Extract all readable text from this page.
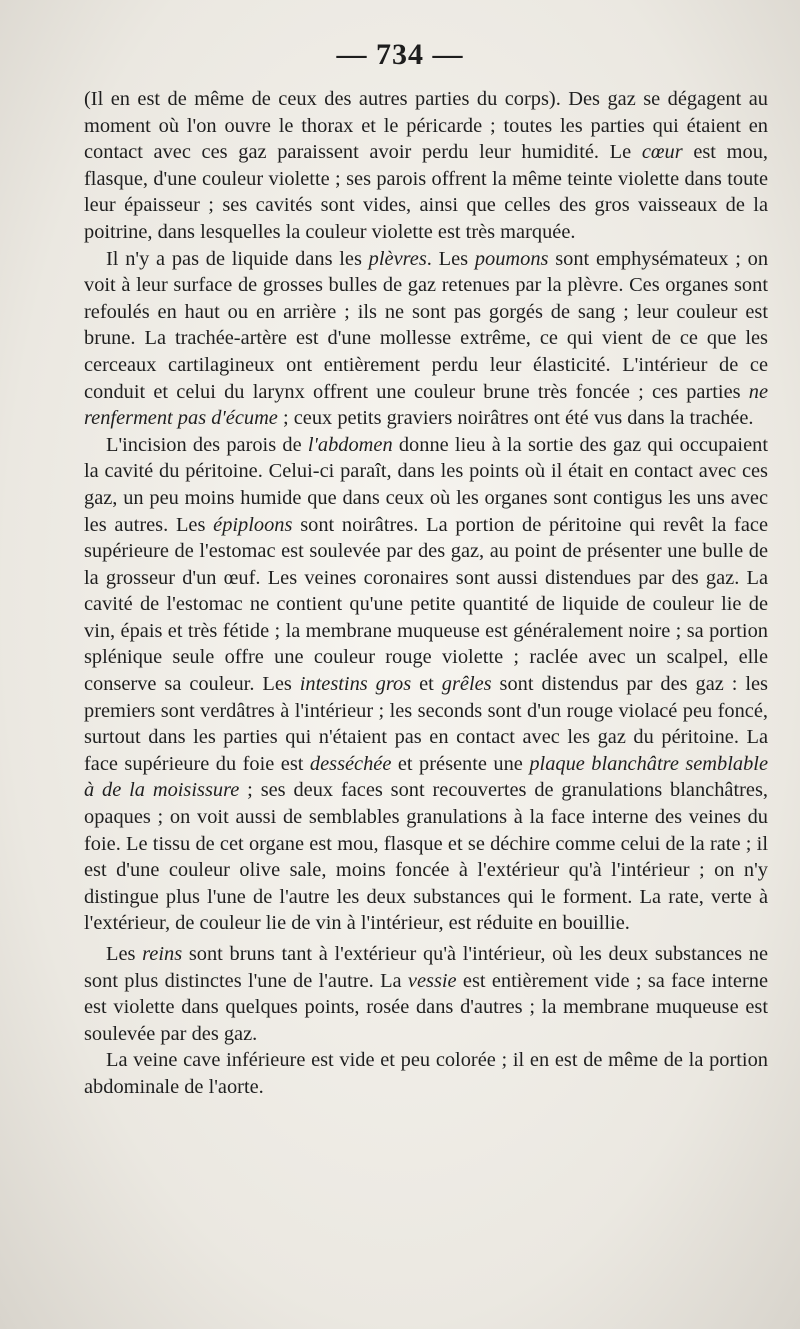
— 734 —

(Il en est de même de ceux des autres parties du corps). Des gaz se dégagent au moment où l'on ouvre le thorax et le péricarde ; toutes les parties qui étaient en contact avec ces gaz paraissent avoir perdu leur humidité. Le cœur est mou, flasque, d'une couleur violette ; ses parois offrent la même teinte violette dans toute leur épaisseur ; ses cavités sont vides, ainsi que celles des gros vaisseaux de la poitrine, dans lesquelles la couleur violette est très marquée.

Il n'y a pas de liquide dans les plèvres. Les poumons sont emphysémateux ; on voit à leur surface de grosses bulles de gaz retenues par la plèvre. Ces organes sont refoulés en haut ou en arrière ; ils ne sont pas gorgés de sang ; leur couleur est brune. La trachée-artère est d'une mollesse extrême, ce qui vient de ce que les cerceaux cartilagineux ont entièrement perdu leur élasticité. L'intérieur de ce conduit et celui du larynx offrent une couleur brune très foncée ; ces parties ne renferment pas d'écume ; ceux petits graviers noirâtres ont été vus dans la trachée.

L'incision des parois de l'abdomen donne lieu à la sortie des gaz qui occupaient la cavité du péritoine. Celui-ci paraît, dans les points où il était en contact avec ces gaz, un peu moins humide que dans ceux où les organes sont contigus les uns avec les autres. Les épiploons sont noirâtres. La portion de péritoine qui revêt la face supérieure de l'estomac est soulevée par des gaz, au point de présenter une bulle de la grosseur d'un œuf. Les veines coronaires sont aussi distendues par des gaz. La cavité de l'estomac ne contient qu'une petite quantité de liquide de couleur lie de vin, épais et très fétide ; la membrane muqueuse est généralement noire ; sa portion splénique seule offre une couleur rouge violette ; raclée avec un scalpel, elle conserve sa couleur. Les intestins gros et grêles sont distendus par des gaz : les premiers sont verdâtres à l'intérieur ; les seconds sont d'un rouge violacé peu foncé, surtout dans les parties qui n'étaient pas en contact avec les gaz du péritoine. La face supérieure du foie est desséchée et présente une plaque blanchâtre semblable à de la moisissure ; ses deux faces sont recouvertes de granulations blanchâtres, opaques ; on voit aussi de semblables granulations à la face interne des veines du foie. Le tissu de cet organe est mou, flasque et se déchire comme celui de la rate ; il est d'une couleur olive sale, moins foncée à l'extérieur qu'à l'intérieur ; on n'y distingue plus l'une de l'autre les deux substances qui le forment. La rate, verte à l'extérieur, de couleur lie de vin à l'intérieur, est réduite en bouillie.

Les reins sont bruns tant à l'extérieur qu'à l'intérieur, où les deux substances ne sont plus distinctes l'une de l'autre. La vessie est entièrement vide ; sa face interne est violette dans quelques points, rosée dans d'autres ; la membrane muqueuse est soulevée par des gaz.

La veine cave inférieure est vide et peu colorée ; il en est de même de la portion abdominale de l'aorte.
